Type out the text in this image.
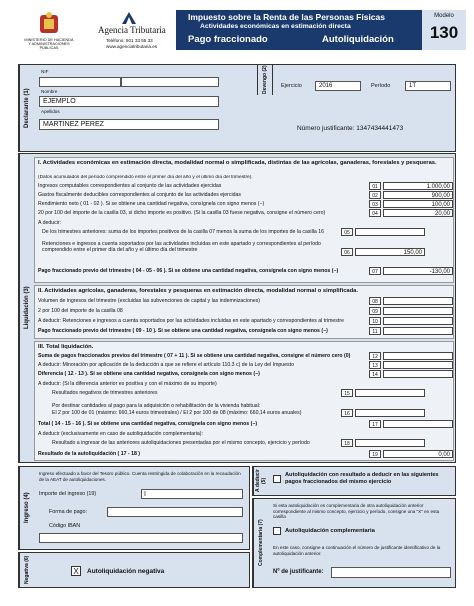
MINISTERIO DE HACIENDA
Y ADMINISTRACIONES
PÚBLICAS
Agencia Tributaria
Teléfono: 901 33 55 33
www.agenciatributaria.es
Impuesto sobre la Renta de las Personas Físicas
Actividades económicas en estimación directa
Pago fraccionado	Autoliquidación
Modelo
130
Declarante (1)
NIF
Nombre
EJEMPLO
Apellidos
MARTINEZ PEREZ
Devengo (2)	Ejercicio	2016	Período	1T
Número justificante: 1347434441473
Liquidación (3)
I. Actividades económicas en estimación directa, modalidad normal o simplificada, distintas de las agrícolas, ganaderas, forestales y pesqueras.
(Datos acumulados del período comprendido entre el primer día del año y el último día del trimestre).
Ingresos computables correspondientes al conjunto de las actividades ejercidas	01	1.000,00
Gastos fiscalmente deducibles correspondientes al conjunto de las actividades ejercidas	02	900,00
Rendimiento neto ( 01 - 02 ). Si se obtiene una cantidad negativa, consígnela con signo menos (−)	03	100,00
20 por 100 del importe de la casilla 03, si dicho importe es positivo. (Si la casilla 03 fuese negativa, consigne el número cero)	04	20,00
A deducir:
De los trimestres anteriores: suma de los importes positivos de la casilla 07 menos la suma de los importes de la casilla 16	05
Retenciones e ingresos a cuenta soportados por las actividades incluidas en este apartado y correspondientes al período comprendido entre el primer día del año y el último día del trimestre	06	150,00
Pago fraccionado previo del trimestre ( 04 - 05 - 06 ). Si se obtiene una cantidad negativa, consígnela con signo menos (−)	07	-130,00
II. Actividades agrícolas, ganaderas, forestales y pesqueras en estimación directa, modalidad normal o simplificada.
Volumen de ingresos del trimestre (excluidas las subvenciones de capital y las indemnizaciones)	08
2 por 100 del importe de la casilla 08	09
A deducir: Retenciones e ingresos a cuenta soportados por las actividades incluidas en este apartado y correspondientes al trimestre	10
Pago fraccionado previo del trimestre ( 09 - 10 ). Si se obtiene una cantidad negativa, consígnela con signo menos (−)	11
III. Total liquidación.
Suma de pagos fraccionados previos del trimestre ( 07 + 11 ). Si se obtiene una cantidad negativa, consigne el número cero (0)	12
A deducir: Minoración por aplicación de la deducción a que se refiere el artículo 110.3 c) de la Ley del Impuesto	13
Diferencia ( 12 - 13 ). Si se obtiene una cantidad negativa, consígnela con signo menos (−)	14
A deducir: (Si la diferencia anterior es positiva y con el máximo de su importe)
Resultados negativos de trimestres anteriores	15
Por destinar cantidades al pago para la adquisición o rehabilitación de la vivienda habitual:
El 2 por 100 de 01 (máximo: 660,14 euros trimestrales) / El 2 por 100 de 08 (máximo: 660,14 euros anuales)	16
Total ( 14 - 15 - 16 ). Si se obtiene una cantidad negativa, consígnela con signo menos (−)	17
A deducir (exclusivamente en caso de autoliquidación complementaria):
Resultado a ingresar de las anteriores autoliquidaciones presentadas por el mismo concepto, ejercicio y período	18
Resultado de la autoliquidación ( 17 - 18 )	19	0,00
Ingreso (4)
Ingreso efectuado a favor del Tesoro público. Cuenta restringida de colaboración en la recaudación de la AEAT de autoliquidaciones.
Importe del ingreso (19)	I
Forma de pago:
Código IBAN
A deducir (5)
Autoliquidación con resultado a deducir en las siguientes pagos fraccionados del mismo ejercicio
Complementaria (7)
Si esta autoliquidación es complementaria de otra autoliquidación anterior correspondiente al mismo concepto, ejercicio y período, consigne una "X" en esta casilla
Autoliquidación complementaria
En este caso, consigne a continuación el número de justificante identificativo de la autoliquidación anterior.
Nº de justificante:
Negativa (6)	X	Autoliquidación negativa
